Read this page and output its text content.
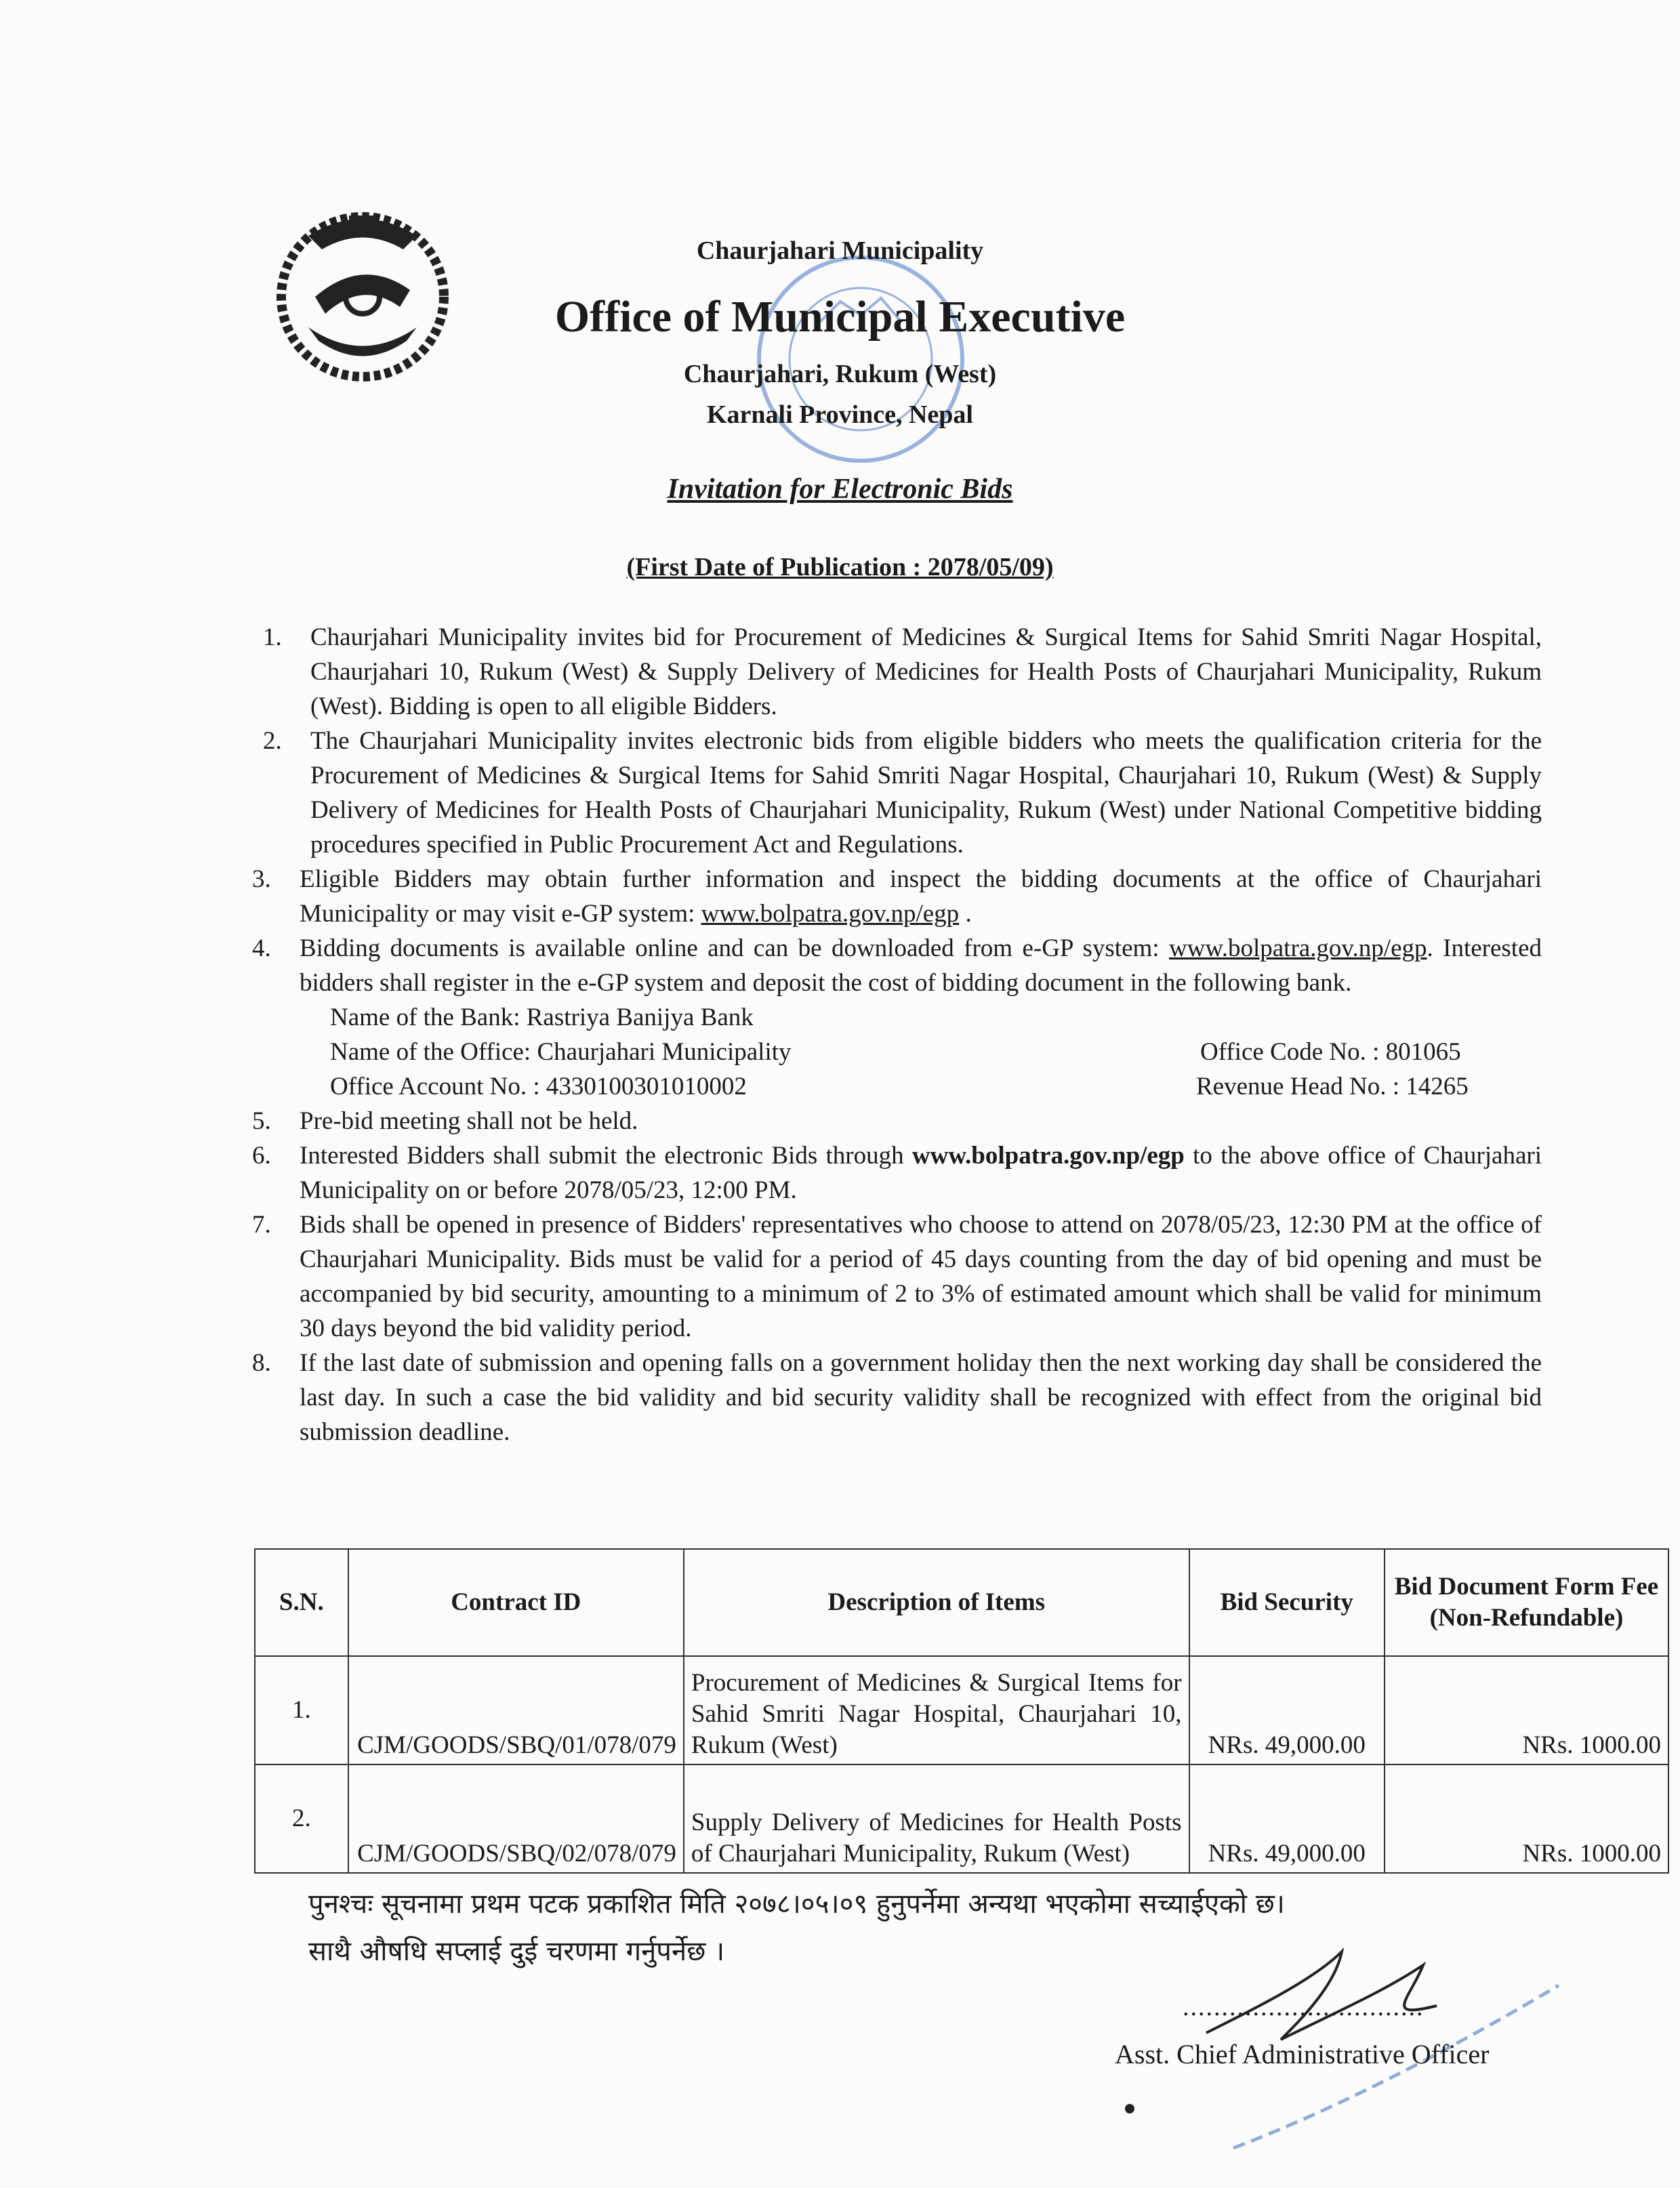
Chaurjahari Municipality
Office of Municipal Executive
Chaurjahari, Rukum (West)
Karnali Province, Nepal
Invitation for Electronic Bids
(First Date of Publication : 2078/05/09)
1.	Chaurjahari Municipality invites bid for Procurement of Medicines & Surgical Items for Sahid Smriti Nagar Hospital, Chaurjahari 10, Rukum (West) & Supply Delivery of Medicines for Health Posts of Chaurjahari Municipality, Rukum (West). Bidding is open to all eligible Bidders.
2.	The Chaurjahari Municipality invites electronic bids from eligible bidders who meets the qualification criteria for the Procurement of Medicines & Surgical Items for Sahid Smriti Nagar Hospital, Chaurjahari 10, Rukum (West) & Supply Delivery of Medicines for Health Posts of Chaurjahari Municipality, Rukum (West) under National Competitive bidding procedures specified in Public Procurement Act and Regulations.
3.	Eligible Bidders may obtain further information and inspect the bidding documents at the office of Chaurjahari Municipality or may visit e-GP system: www.bolpatra.gov.np/egp .
4.	Bidding documents is available online and can be downloaded from e-GP system: www.bolpatra.gov.np/egp. Interested bidders shall register in the e-GP system and deposit the cost of bidding document in the following bank.
Name of the Bank: Rastriya Banijya Bank
Name of the Office: Chaurjahari Municipality
Office Account No. : 4330100301010002
Office Code No. : 801065
Revenue Head No. : 14265
5.	Pre-bid meeting shall not be held.
6.	Interested Bidders shall submit the electronic Bids through www.bolpatra.gov.np/egp to the above office of Chaurjahari Municipality on or before 2078/05/23, 12:00 PM.
7.	Bids shall be opened in presence of Bidders' representatives who choose to attend on 2078/05/23, 12:30 PM at the office of Chaurjahari Municipality. Bids must be valid for a period of 45 days counting from the day of bid opening and must be accompanied by bid security, amounting to a minimum of 2 to 3% of estimated amount which shall be valid for minimum 30 days beyond the bid validity period.
8.	If the last date of submission and opening falls on a government holiday then the next working day shall be considered the last day. In such a case the bid validity and bid security validity shall be recognized with effect from the original bid submission deadline.
S.N.	Contract ID	Description of Items	Bid Security	Bid Document Form Fee (Non-Refundable)
1.	CJM/GOODS/SBQ/01/078/079	Procurement of Medicines & Surgical Items for Sahid Smriti Nagar Hospital, Chaurjahari 10, Rukum (West)	NRs. 49,000.00	NRs. 1000.00
2.	CJM/GOODS/SBQ/02/078/079	Supply Delivery of Medicines for Health Posts of Chaurjahari Municipality, Rukum (West)	NRs. 49,000.00	NRs. 1000.00
पुनश्चः सूचनामा प्रथम पटक प्रकाशित मिति २०७८।०५।०९ हुनुपर्नेमा अन्यथा भएकोमा सच्याईएको छ।
साथै औषधि सप्लाई दुई चरणमा गर्नुपर्नेछ ।
...............................
Asst. Chief Administrative Officer
